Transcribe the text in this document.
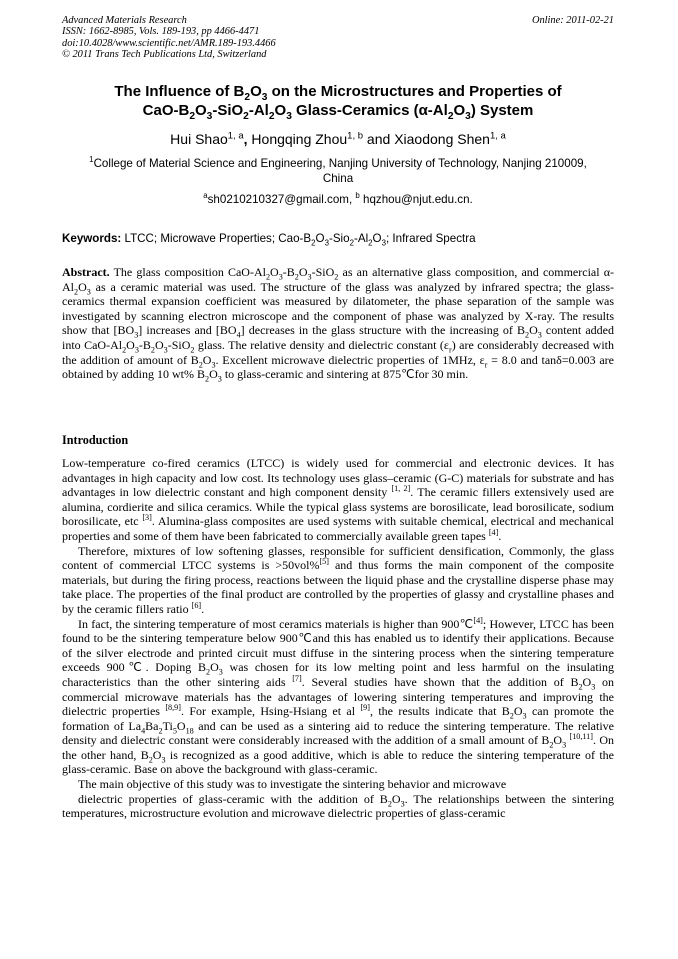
Advanced Materials Research
ISSN: 1662-8985, Vols. 189-193, pp 4466-4471
doi:10.4028/www.scientific.net/AMR.189-193.4466
© 2011 Trans Tech Publications Ltd, Switzerland
Online: 2011-02-21
The Influence of $B_2O_3$ on the Microstructures and Properties of
CaO-$B_2O_3-SiO_2-Al_2O_3$ Glass-Ceramics $(\alpha-Al_2O_3)$ System
Hui Shao$^{1, a}$, Hongqing Zhou$^{1, b}$ and Xiaodong Shen$^{1, a}$
$^1$College of Material Science and Engineering, Nanjing University of Technology, Nanjing 210009,
China
$^a$sh0210210327@gmail.com, $^b$ hqzhou@njut.edu.cn.
Keywords: LTCC; Microwave Properties; Cao-$B_2O_3-Sio_2-Al_2O_3$; Infrared Spectra
Abstract. The glass composition CaO-$Al_2O_3-B_2O_3-SiO_2$ as an alternative glass composition, and commercial $\alpha-Al_2O_3$ as a ceramic material was used. The structure of the glass was analyzed by infrared spectra; the glass-ceramics thermal expansion coefficient was measured by dilatometer, the phase separation of the sample was investigated by scanning electron microscope and the component of phase was analyzed by X-ray. The results show that $[BO_3]$ increases and $[BO_4]$ decreases in the glass structure with the increasing of $B_2O_3$ content added into CaO-$Al_2O_3-B_2O_3-SiO_2$ glass. The relative density and dielectric constant $(\varepsilon_r)$ are considerably decreased with the addition of amount of $B_2O_3$. Excellent microwave dielectric properties of 1MHz, $\varepsilon_r = 8.0$ and tanδ=0.003 are obtained by adding 10 wt% $B_2O_3$ to glass-ceramic and sintering at 875℃for 30 min.
Introduction

Low-temperature co-fired ceramics (LTCC) is widely used for commercial and electronic devices. It has advantages in high capacity and low cost. Its technology uses glass–ceramic (G-C) materials for substrate and has advantages in low dielectric constant and high component density [1, 2]. The ceramic fillers extensively used are alumina, cordierite and silica ceramics. While the typical glass systems are borosilicate, lead borosilicate, sodium borosilicate, etc [3]. Alumina-glass composites are used systems with suitable chemical, electrical and mechanical properties and some of them have been fabricated to commercially available green tapes [4].

Therefore, mixtures of low softening glasses, responsible for sufficient densification, Commonly, the glass content of commercial LTCC systems is >50vol%[5] and thus forms the main component of the composite materials, but during the firing process, reactions between the liquid phase and the crystalline disperse phase may take place. The properties of the final product are controlled by the properties of glassy and crystalline phases and by the ceramic fillers ratio [6].

In fact, the sintering temperature of most ceramics materials is higher than 900℃[4]; However, LTCC has been found to be the sintering temperature below 900℃and this has enabled us to identify their applications. Because of the silver electrode and printed circuit must diffuse in the sintering process when the sintering temperature exceeds 900℃. Doping $B_2O_3$ was chosen for its low melting point and less harmful on the insulating characteristics than the other sintering aids [7]. Several studies have shown that the addition of $B_2O_3$ on commercial microwave materials has the advantages of lowering sintering temperatures and improving the dielectric properties [8,9]. For example, Hsing-Hsiang et al [9], the results indicate that $B_2O_3$ can promote the formation of $La_4Ba_2Ti_5O_{18}$ and can be used as a sintering aid to reduce the sintering temperature. The relative density and dielectric constant were considerably increased with the addition of a small amount of $B_2O_3$ [10,11]. On the other hand, $B_2O_3$ is recognized as a good additive, which is able to reduce the sintering temperature of the glass-ceramic. Base on above the background with glass-ceramic.

The main objective of this study was to investigate the sintering behavior and microwave

dielectric properties of glass-ceramic with the addition of $B_2O_3$. The relationships between the sintering temperatures, microstructure evolution and microwave dielectric properties of glass-ceramic
